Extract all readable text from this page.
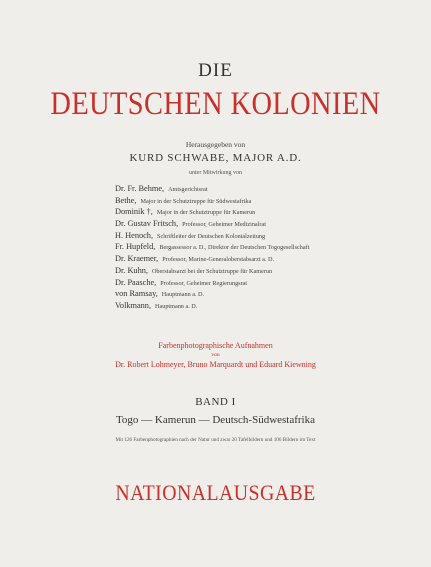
DIE
DEUTSCHEN KOLONIEN
Herausgegeben von
KURD SCHWABE, MAJOR A.D.
unter Mitwirkung von
Dr. Fr. Behme, Amtsgerichtsrat
Bethe, Major in der Schutztruppe für Südwestafrika
Dominik †, Major in der Schutztruppe für Kamerun
Dr. Gustav Fritsch, Professor, Geheimer Medizinalrat
H. Henoch, Schriftleiter der Deutschen Kolonialzeitung
Fr. Hupfeld, Bergassessor a. D., Direktor der Deutschen Togogesellschaft
Dr. Kraemer, Professor, Marine-Generaloberstabsarzt a. D.
Dr. Kuhn, Oberstabsarzt bei der Schutztruppe für Kamerun
Dr. Paasche, Professor, Geheimer Regierungsrat
von Ramsay, Hauptmann a. D.
Volkmann, Hauptmann a. D.
Farbenphotographische Aufnahmen
von
Dr. Robert Lohmeyer, Bruno Marquardt und Eduard Kiewning
BAND I
Togo — Kamerun — Deutsch-Südwestafrika
Mit 126 Farbenphotographien nach der Natur und zwar 20 Tafelbildern und 106 Bildern im Text
NATIONALAUSGABE
